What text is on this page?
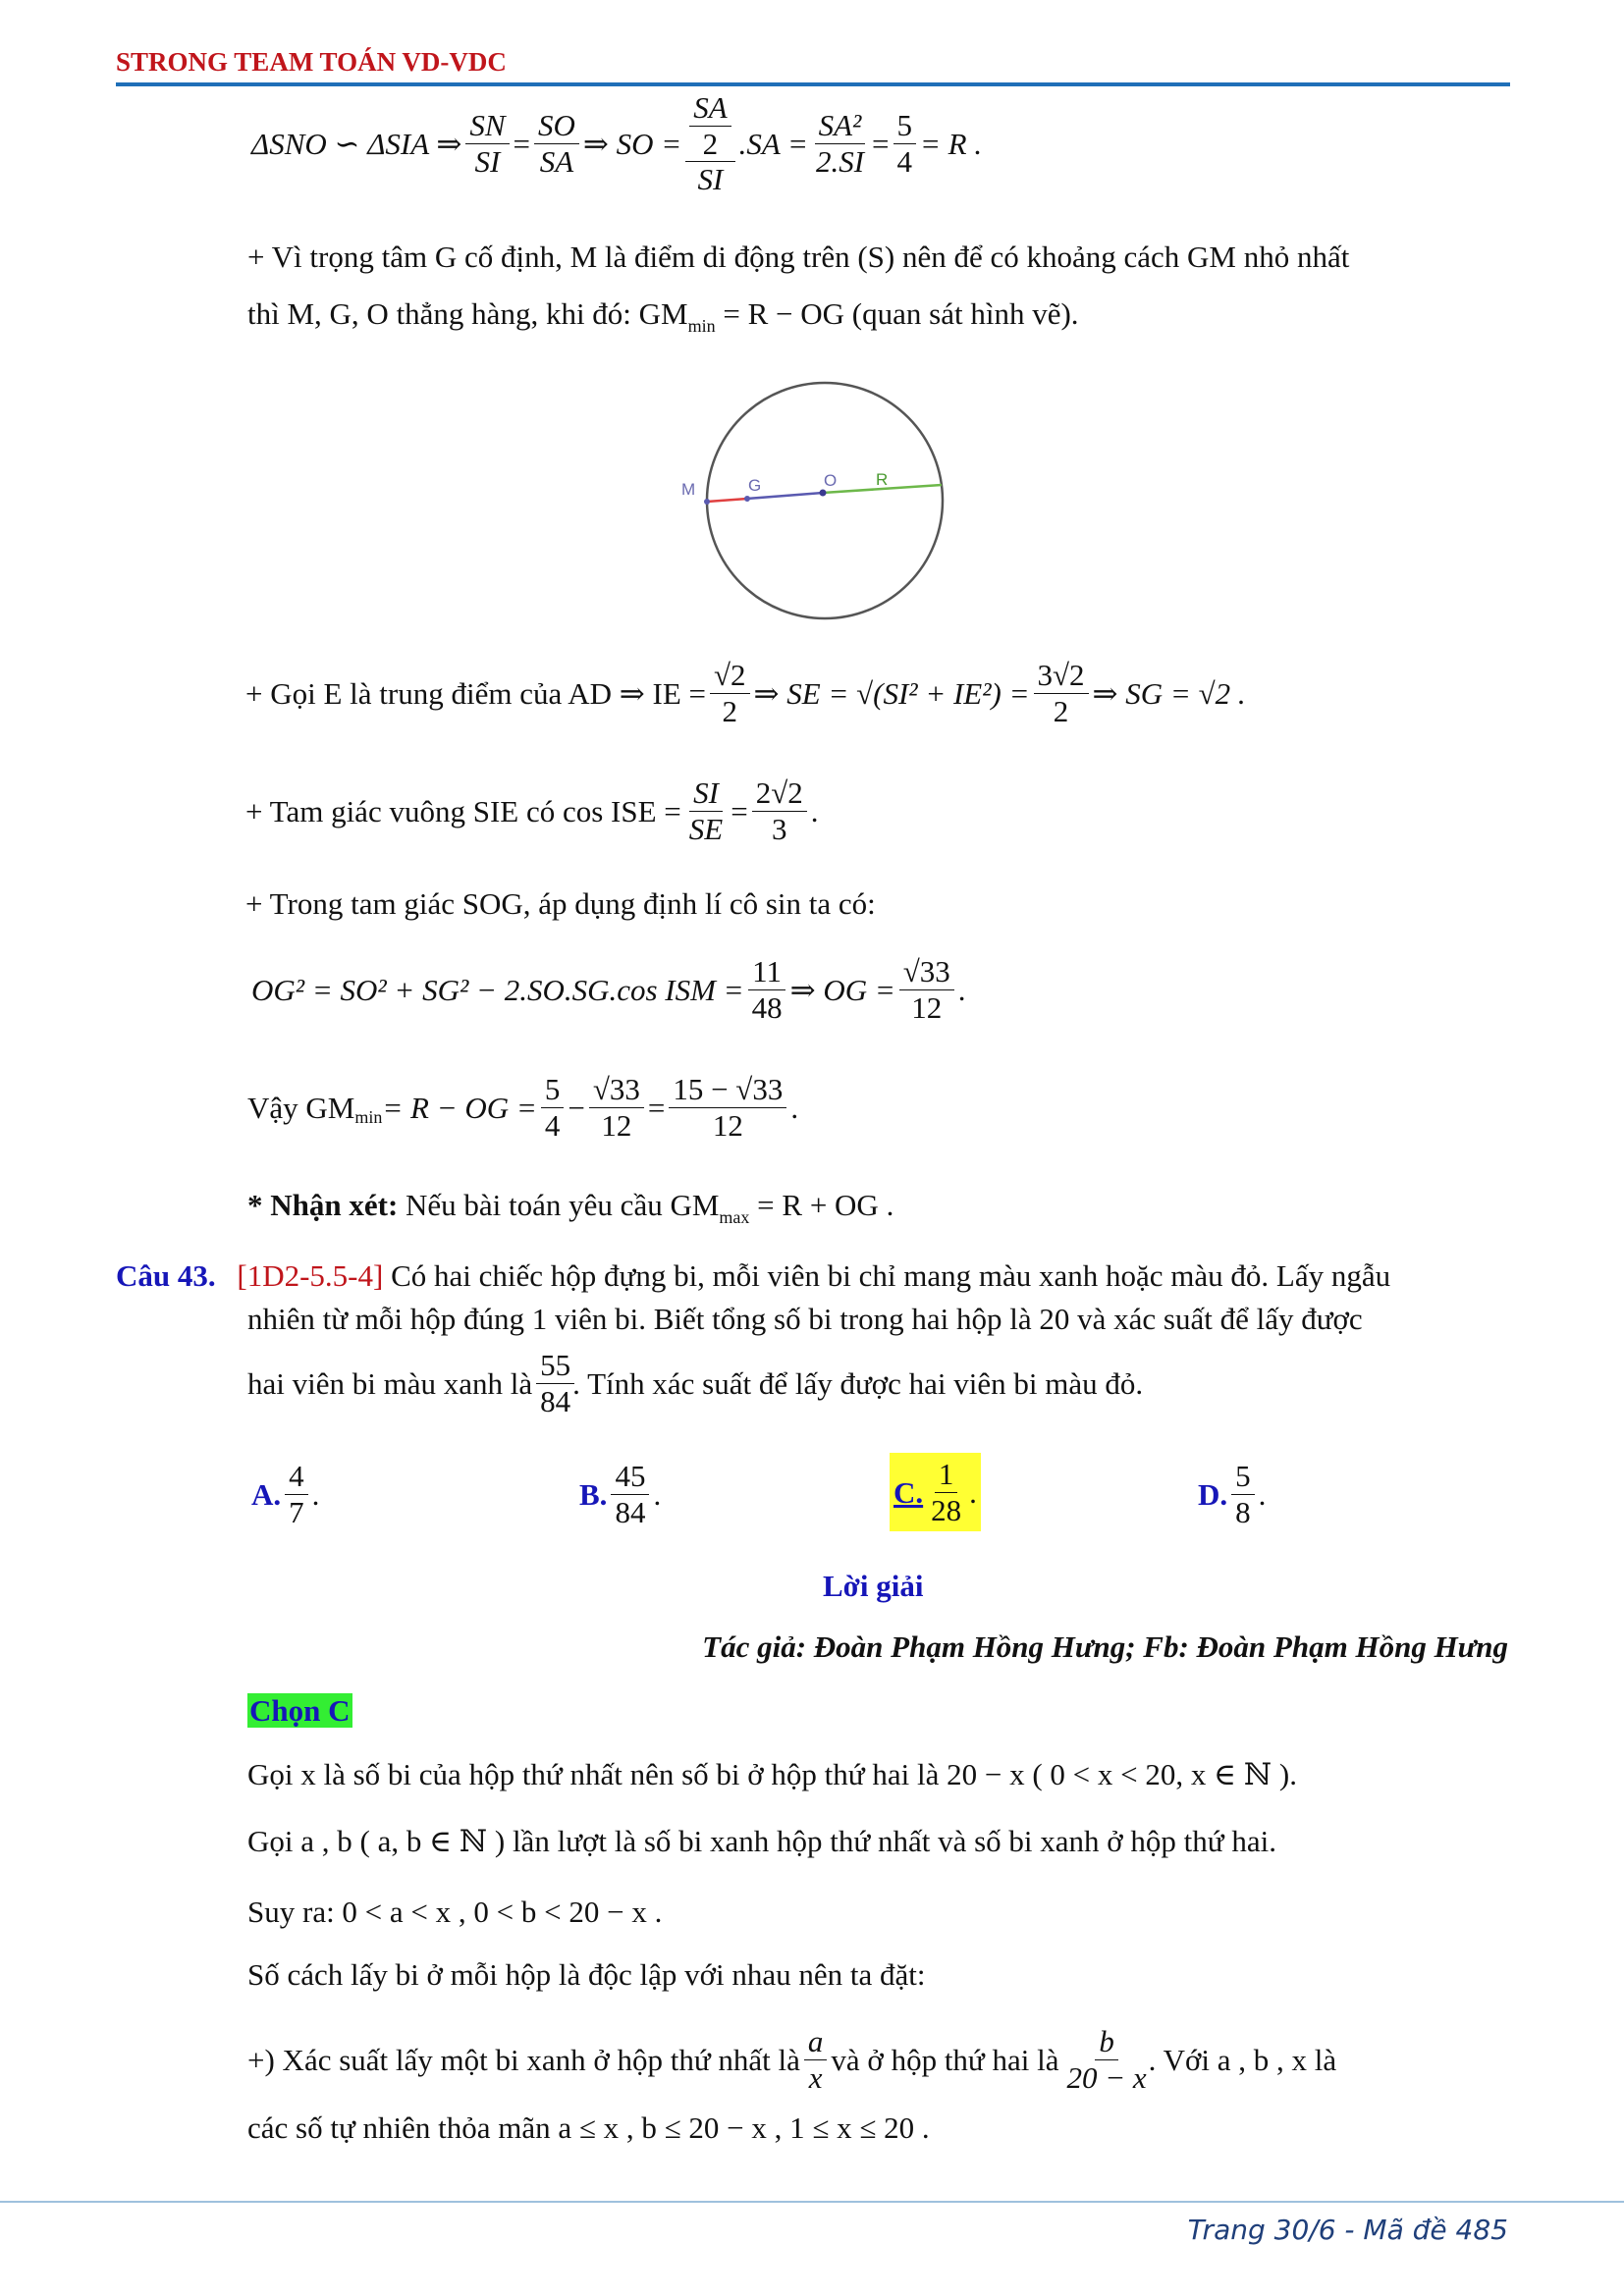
STRONG TEAM TOÁN VD-VDC
ΔSNO ∽ ΔSIA ⇒ $\frac{SN}{SI} = \frac{SO}{SA}$ ⇒ SO = SA
2
SI $.SA = \frac{\text{SA²}}{2.SI} = \frac{5}{4} = R$ .
+ Vì trọng tâm G cố định, M là điểm di động trên (S) nên để có khoảng cách GM nhỏ nhất
thì M, G, O thẳng hàng, khi đó: $GM_{min} = R$ − OG (quan sát hình vẽ).
M	G	O R
+ Gọi E là trung điểm của AD ⇒ IE = $\frac{√2}{2}$ ⇒ SE = $√(SI^2 + IE^2) = \frac{3√2}{2}$ ⇒ SG = √2 .
+ Tam giác vuông SIE có cos ISE = $\frac{SI}{SE} = \frac{2√2}{3}$ .
+ Trong tam giác SOG, áp dụng định lí cô sin ta có:
OG² = SO² + SG² − 2.SO.SG.cos ISM = $\frac{11}{48}$ ⇒ OG = $\frac{√33}{12}$ .
Vậy GM min = R − OG = $\frac{5}{4} - \frac{√33}{12} = \frac{15 - √33}{12}$ .
* Nhận xét: Nếu bài toán yêu cầu $GM_{max} = R$ + OG .
Câu 43. [1D2-5.5-4] Có hai chiếc hộp đựng bi, mỗi viên bi chỉ mang màu xanh hoặc màu đỏ. Lấy ngẫu
nhiên từ mỗi hộp đúng 1 viên bi. Biết tổng số bi trong hai hộp là 20 và xác suất để lấy được
hai viên bi màu xanh là $\frac{55}{84}$
. Tính xác suất để lấy được hai viên bi màu đỏ.
A. $\frac{4}{7}$ .	B. $\frac{45}{84}$ .	C. $\frac{1}{28}$ .	D. $\frac{5}{8}$ .
Lời giải
Tác giả: Đoàn Phạm Hồng Hưng; Fb: Đoàn Phạm Hồng Hưng
Chọn C
Gọi x là số bi của hộp thứ nhất nên số bi ở hộp thứ hai là 20 − x ( 0 < x < 20, x ∈ ℕ ).
Gọi a , b ( a, b ∈ ℕ ) lần lượt là số bi xanh hộp thứ nhất và số bi xanh ở hộp thứ hai.
Suy ra: 0 < a < x , 0 < b < 20 − x .
Số cách lấy bi ở mỗi hộp là độc lập với nhau nên ta đặt:
+) Xác suất lấy một bi xanh ở hộp thứ nhất là $\frac{a}{x}$ và ở hộp thứ hai là $\frac{b}{20 - x}$
. Với a , b , x là
các số tự nhiên thỏa mãn a ≤ x , b ≤ 20 − x , 1 ≤ x ≤ 20 .
Trang 30/6 - Mã đề 485
